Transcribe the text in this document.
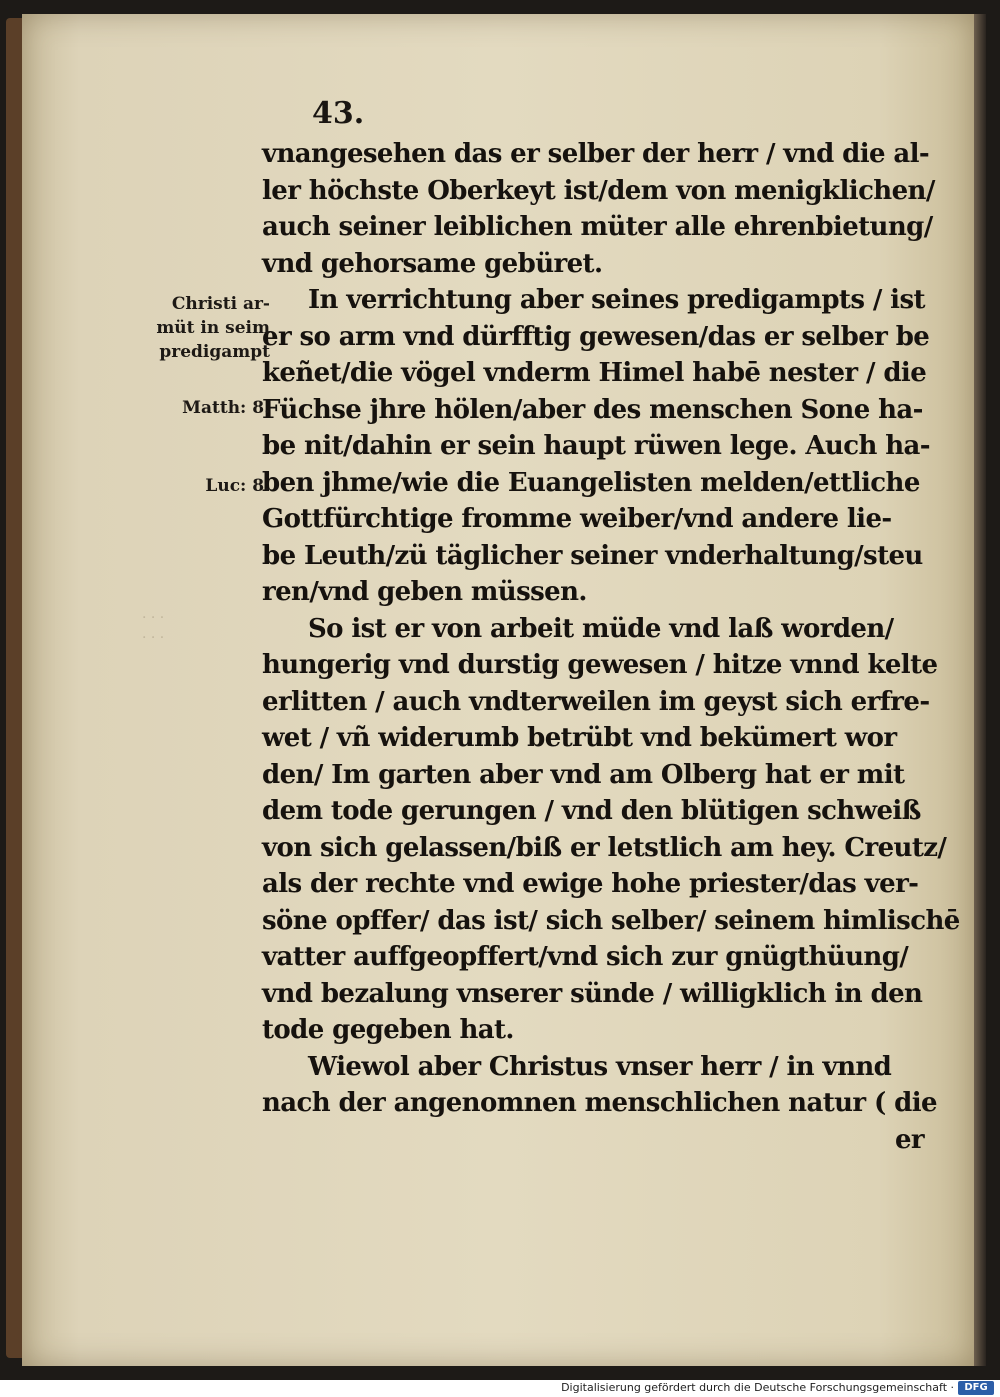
· · ·
· · ·
43.
vnangesehen das er selber der herr / vnd die al-
ler höchste Oberkeyt ist/dem von menigklichen/
auch seiner leiblichen müter alle ehrenbietung/
vnd gehorsame gebüret.
In verrichtung aber seines predigampts / ist
er so arm vnd dürfftig gewesen/das er selber be
keñet/die vögel vnderm Himel habē nester / die
Füchse jhre hölen/aber des menschen Sone ha-
be nit/dahin er sein haupt rüwen lege. Auch ha-
ben jhme/wie die Euangelisten melden/ettliche
Gottfürchtige fromme weiber/vnd andere lie-
be Leuth/zü täglicher seiner vnderhaltung/steu
ren/vnd geben müssen.
So ist er von arbeit müde vnd laß worden/
hungerig vnd durstig gewesen / hitze vnnd kelte
erlitten / auch vndterweilen im geyst sich erfre-
wet / vñ widerumb betrübt vnd bekümert wor
den/ Im garten aber vnd am Olberg hat er mit
dem tode gerungen / vnd den blütigen schweiß
von sich gelassen/biß er letstlich am hey. Creutz/
als der rechte vnd ewige hohe priester/das ver-
söne opffer/ das ist/ sich selber/ seinem himlischē
vatter auffgeopffert/vnd sich zur gnügthüung/
vnd bezalung vnserer sünde / willigklich in den
tode gegeben hat.
Wiewol aber Christus vnser herr / in vnnd
nach der angenomnen menschlichen natur ( die
er
Christi ar-
müt in seim
predigampt
Matth: 8.
Luc: 8.
Digitalisierung gefördert durch die Deutsche Forschungsgemeinschaft ·	DFG
